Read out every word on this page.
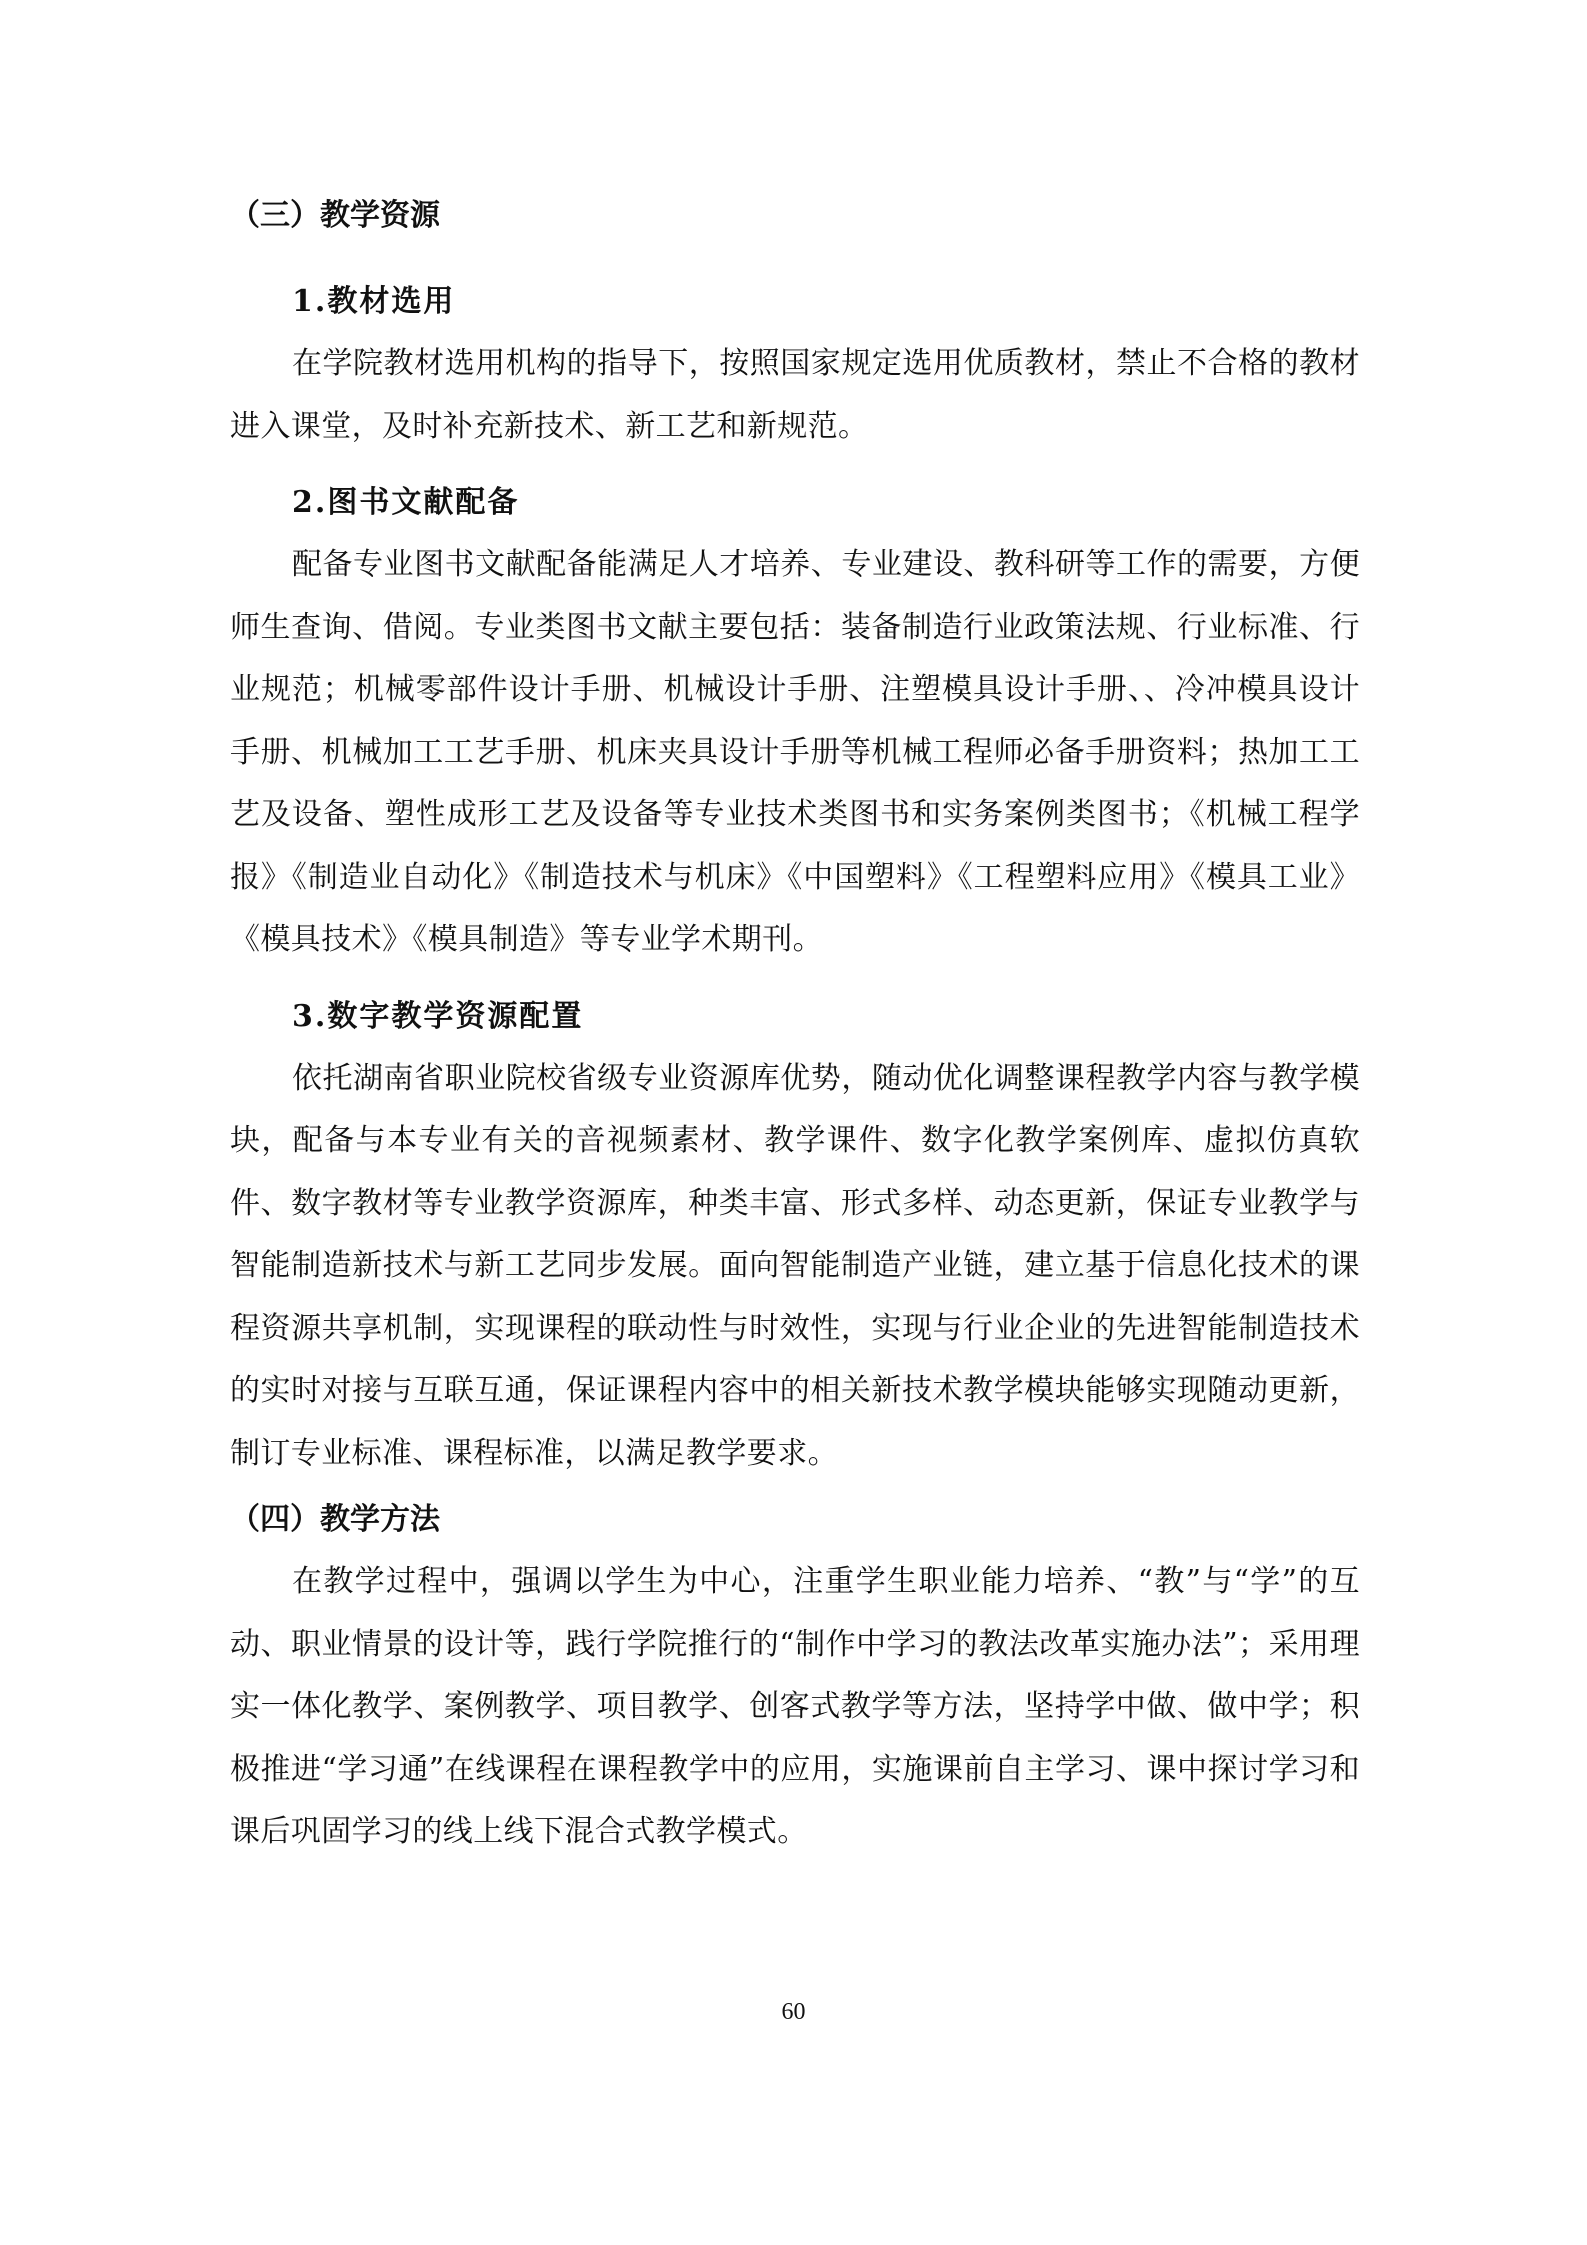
（三）教学资源
1.教材选用

在学院教材选用机构的指导下，按照国家规定选用优质教材，禁止不合格的教材进入课堂，及时补充新技术、新工艺和新规范。

2.图书文献配备

配备专业图书文献配备能满足人才培养、专业建设、教科研等工作的需要，方便师生查询、借阅。专业类图书文献主要包括：装备制造行业政策法规、行业标准、行业规范；机械零部件设计手册、机械设计手册、注塑模具设计手册、、冷冲模具设计手册、机械加工工艺手册、机床夹具设计手册等机械工程师必备手册资料；热加工工艺及设备、塑性成形工艺及设备等专业技术类图书和实务案例类图书；《机械工程学报》《制造业自动化》《制造技术与机床》《中国塑料》《工程塑料应用》《模具工业》《模具技术》《模具制造》等专业学术期刊。

3.数字教学资源配置

依托湖南省职业院校省级专业资源库优势，随动优化调整课程教学内容与教学模块，配备与本专业有关的音视频素材、教学课件、数字化教学案例库、虚拟仿真软件、数字教材等专业教学资源库，种类丰富、形式多样、动态更新，保证专业教学与智能制造新技术与新工艺同步发展。面向智能制造产业链，建立基于信息化技术的课程资源共享机制，实现课程的联动性与时效性，实现与行业企业的先进智能制造技术的实时对接与互联互通，保证课程内容中的相关新技术教学模块能够实现随动更新，制订专业标准、课程标准，以满足教学要求。

（四）教学方法

在教学过程中，强调以学生为中心，注重学生职业能力培养、“教”与“学”的互动、职业情景的设计等，践行学院推行的“制作中学习的教法改革实施办法”；采用理实一体化教学、案例教学、项目教学、创客式教学等方法，坚持学中做、做中学；积极推进“学习通”在线课程在课程教学中的应用，实施课前自主学习、课中探讨学习和课后巩固学习的线上线下混合式教学模式。

60
